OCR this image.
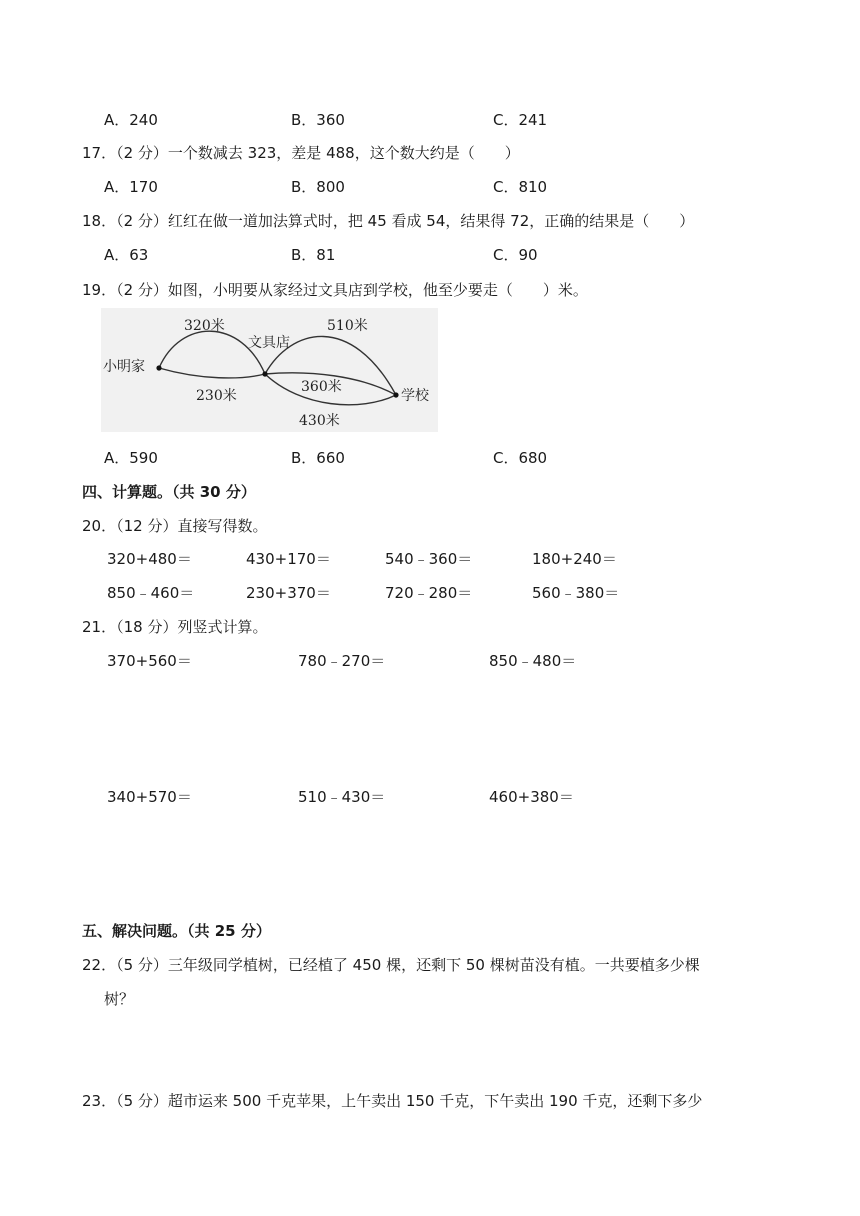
A．240	B．360	C．241
17．（2 分）一个数减去 323，差是 488，这个数大约是（　　）
A．170	B．800	C．810
18．（2 分）红红在做一道加法算式时，把 45 看成 54，结果得 72，正确的结果是（　　）
A．63	B．81	C．90
19．（2 分）如图，小明要从家经过文具店到学校，他至少要走（　　）米。
小明家
文具店
学校
320米
230米
510米
360米
430米
A．590	B．660	C．680
四、计算题。（共 30 分）
20．（12 分）直接写得数。
320+480＝	430+170＝	540﹣360＝	180+240＝
850﹣460＝	230+370＝	720﹣280＝	560﹣380＝
21．（18 分）列竖式计算。
370+560＝	780﹣270＝	850﹣480＝
340+570＝	510﹣430＝	460+380＝
五、解决问题。（共 25 分）
22．（5 分）三年级同学植树，已经植了 450 棵，还剩下 50 棵树苗没有植。一共要植多少棵
树？
23．（5 分）超市运来 500 千克苹果，上午卖出 150 千克，下午卖出 190 千克，还剩下多少
